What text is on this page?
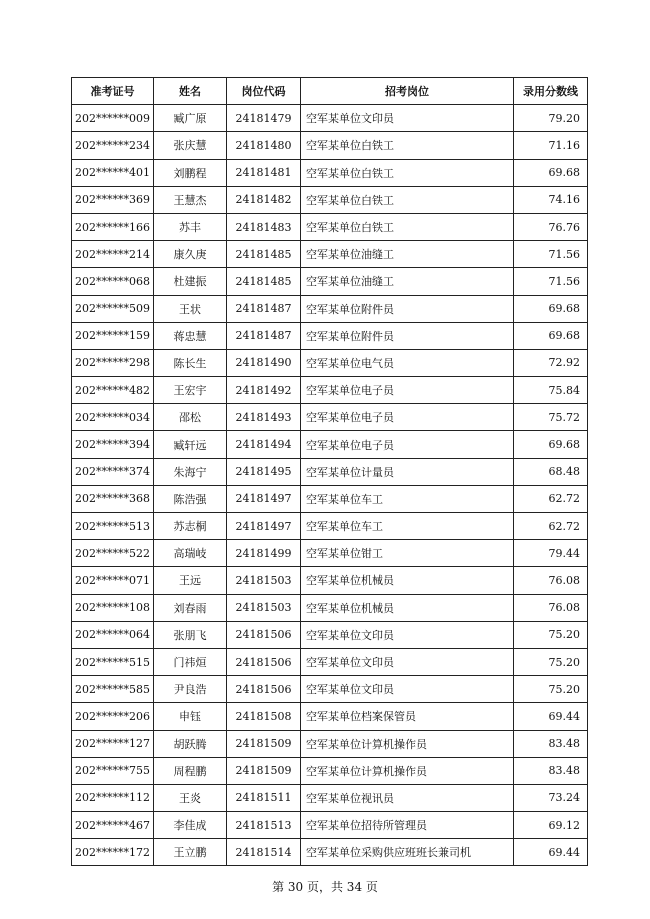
准考证号	姓名	岗位代码	招考岗位	录用分数线
202******009	臧广原	24181479	空军某单位文印员	79.20
202******234	张庆慧	24181480	空军某单位白铁工	71.16
202******401	刘鹏程	24181481	空军某单位白铁工	69.68
202******369	王慧杰	24181482	空军某单位白铁工	74.16
202******166	苏丰	24181483	空军某单位白铁工	76.76
202******214	康久庚	24181485	空军某单位油缝工	71.56
202******068	杜建振	24181485	空军某单位油缝工	71.56
202******509	王状	24181487	空军某单位附件员	69.68
202******159	蒋忠慧	24181487	空军某单位附件员	69.68
202******298	陈长生	24181490	空军某单位电气员	72.92
202******482	王宏宇	24181492	空军某单位电子员	75.84
202******034	邵松	24181493	空军某单位电子员	75.72
202******394	臧轩远	24181494	空军某单位电子员	69.68
202******374	朱海宁	24181495	空军某单位计量员	68.48
202******368	陈浩强	24181497	空军某单位车工	62.72
202******513	苏志桐	24181497	空军某单位车工	62.72
202******522	高瑞岐	24181499	空军某单位钳工	79.44
202******071	王远	24181503	空军某单位机械员	76.08
202******108	刘春雨	24181503	空军某单位机械员	76.08
202******064	张朋飞	24181506	空军某单位文印员	75.20
202******515	门祎烜	24181506	空军某单位文印员	75.20
202******585	尹良浩	24181506	空军某单位文印员	75.20
202******206	申钰	24181508	空军某单位档案保管员	69.44
202******127	胡跃腾	24181509	空军某单位计算机操作员	83.48
202******755	周程鹏	24181509	空军某单位计算机操作员	83.48
202******112	王炎	24181511	空军某单位视讯员	73.24
202******467	李佳成	24181513	空军某单位招待所管理员	69.12
202******172	王立鹏	24181514	空军某单位采购供应班班长兼司机	69.44
第 30 页，共 34 页
